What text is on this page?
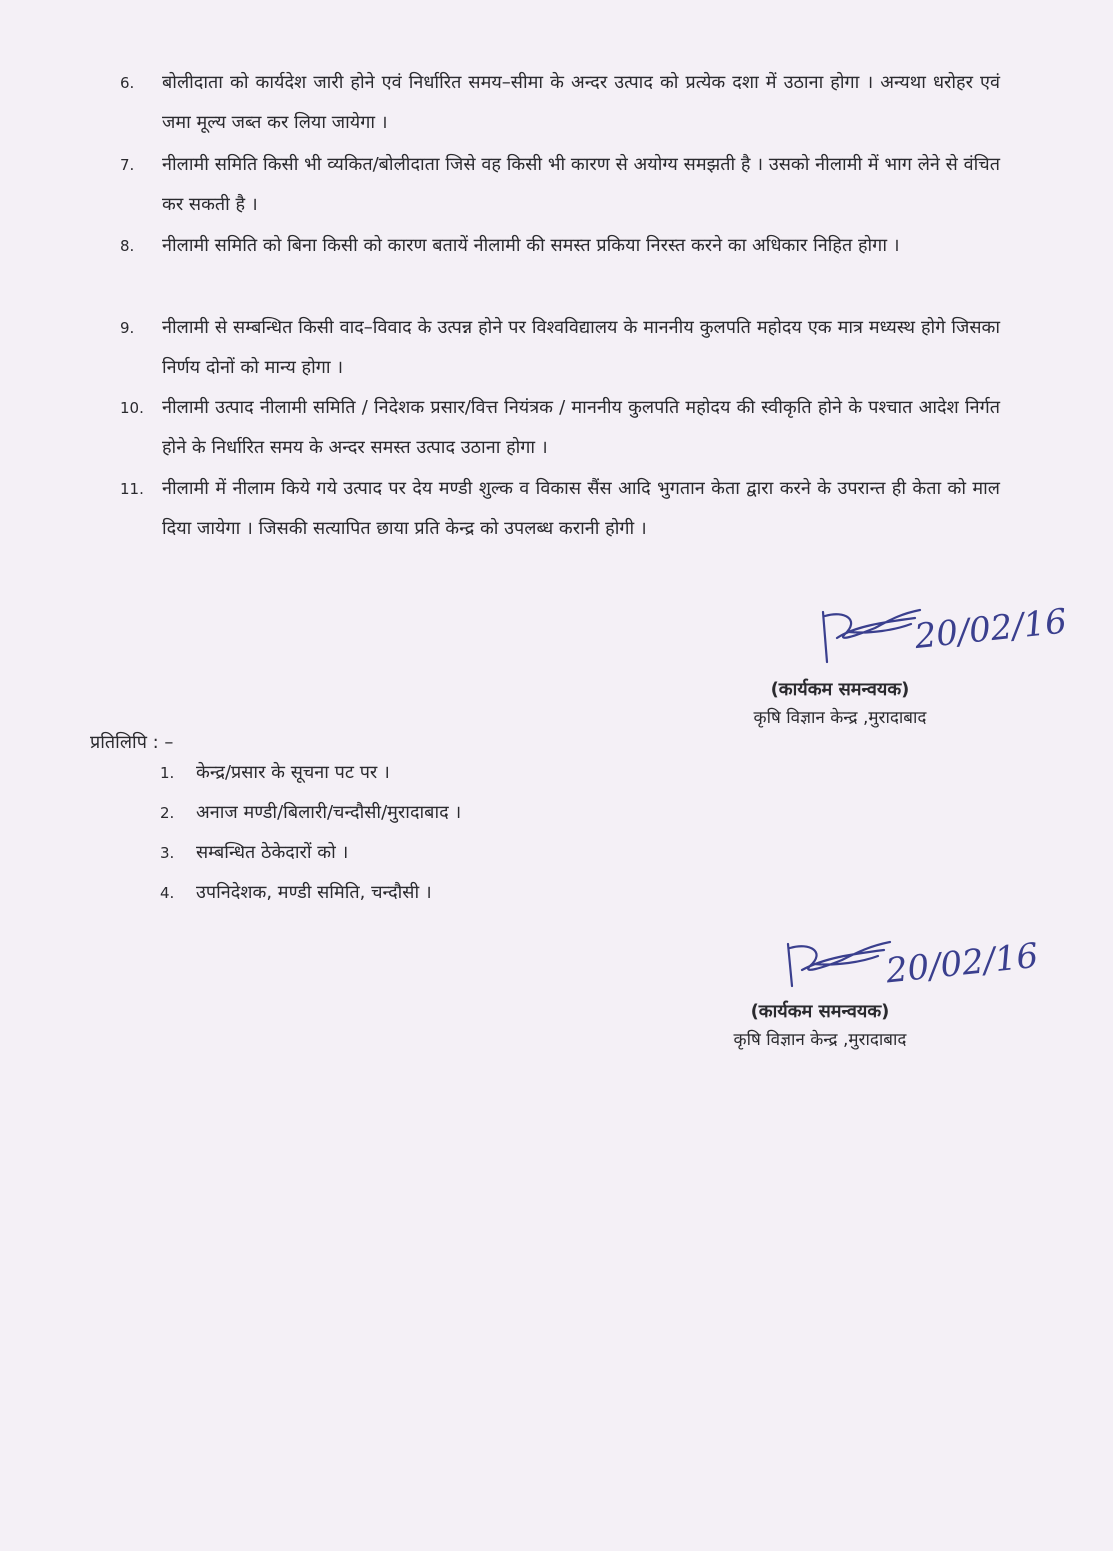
6.	बोलीदाता को कार्यदेश जारी होने एवं निर्धारित समय–सीमा के अन्दर उत्पाद को प्रत्येक दशा में उठाना होगा । अन्यथा धरोहर एवं जमा मूल्य जब्त कर लिया जायेगा ।
7.	नीलामी समिति किसी भी व्यकित/बोलीदाता जिसे वह किसी भी कारण से अयोग्य समझती है । उसको नीलामी में भाग लेने से वंचित कर सकती है ।
8.	नीलामी समिति को बिना किसी को कारण बतायें नीलामी की समस्त प्रकिया निरस्त करने का अधिकार निहित होगा ।
9.	नीलामी से सम्बन्धित किसी वाद–विवाद के उत्पन्न होने पर विश्वविद्यालय के माननीय कुलपति महोदय एक मात्र मध्यस्थ होगे जिसका निर्णय दोनों को मान्य होगा ।
10.	नीलामी उत्पाद नीलामी समिति / निदेशक प्रसार/वित्त नियंत्रक / माननीय कुलपति महोदय की स्वीकृति होने के पश्चात आदेश निर्गत होने के निर्धारित समय के अन्दर समस्त उत्पाद उठाना होगा ।
11.	नीलामी में नीलाम किये गये उत्पाद पर देय मण्डी शुल्क व विकास सैंस आदि भुगतान केता द्वारा करने के उपरान्त ही केता को माल दिया जायेगा । जिसकी सत्यापित छाया प्रति केन्द्र को उपलब्ध करानी होगी ।
20/02/16
(कार्यकम समन्वयक)
कृषि विज्ञान केन्द्र ,मुरादाबाद
प्रतिलिपि : –
1. केन्द्र/प्रसार के सूचना पट पर ।
2. अनाज मण्डी/बिलारी/चन्दौसी/मुरादाबाद ।
3. सम्बन्धित ठेकेदारों को ।
4. उपनिदेशक, मण्डी समिति, चन्दौसी ।
20/02/16
(कार्यकम समन्वयक)
कृषि विज्ञान केन्द्र ,मुरादाबाद
